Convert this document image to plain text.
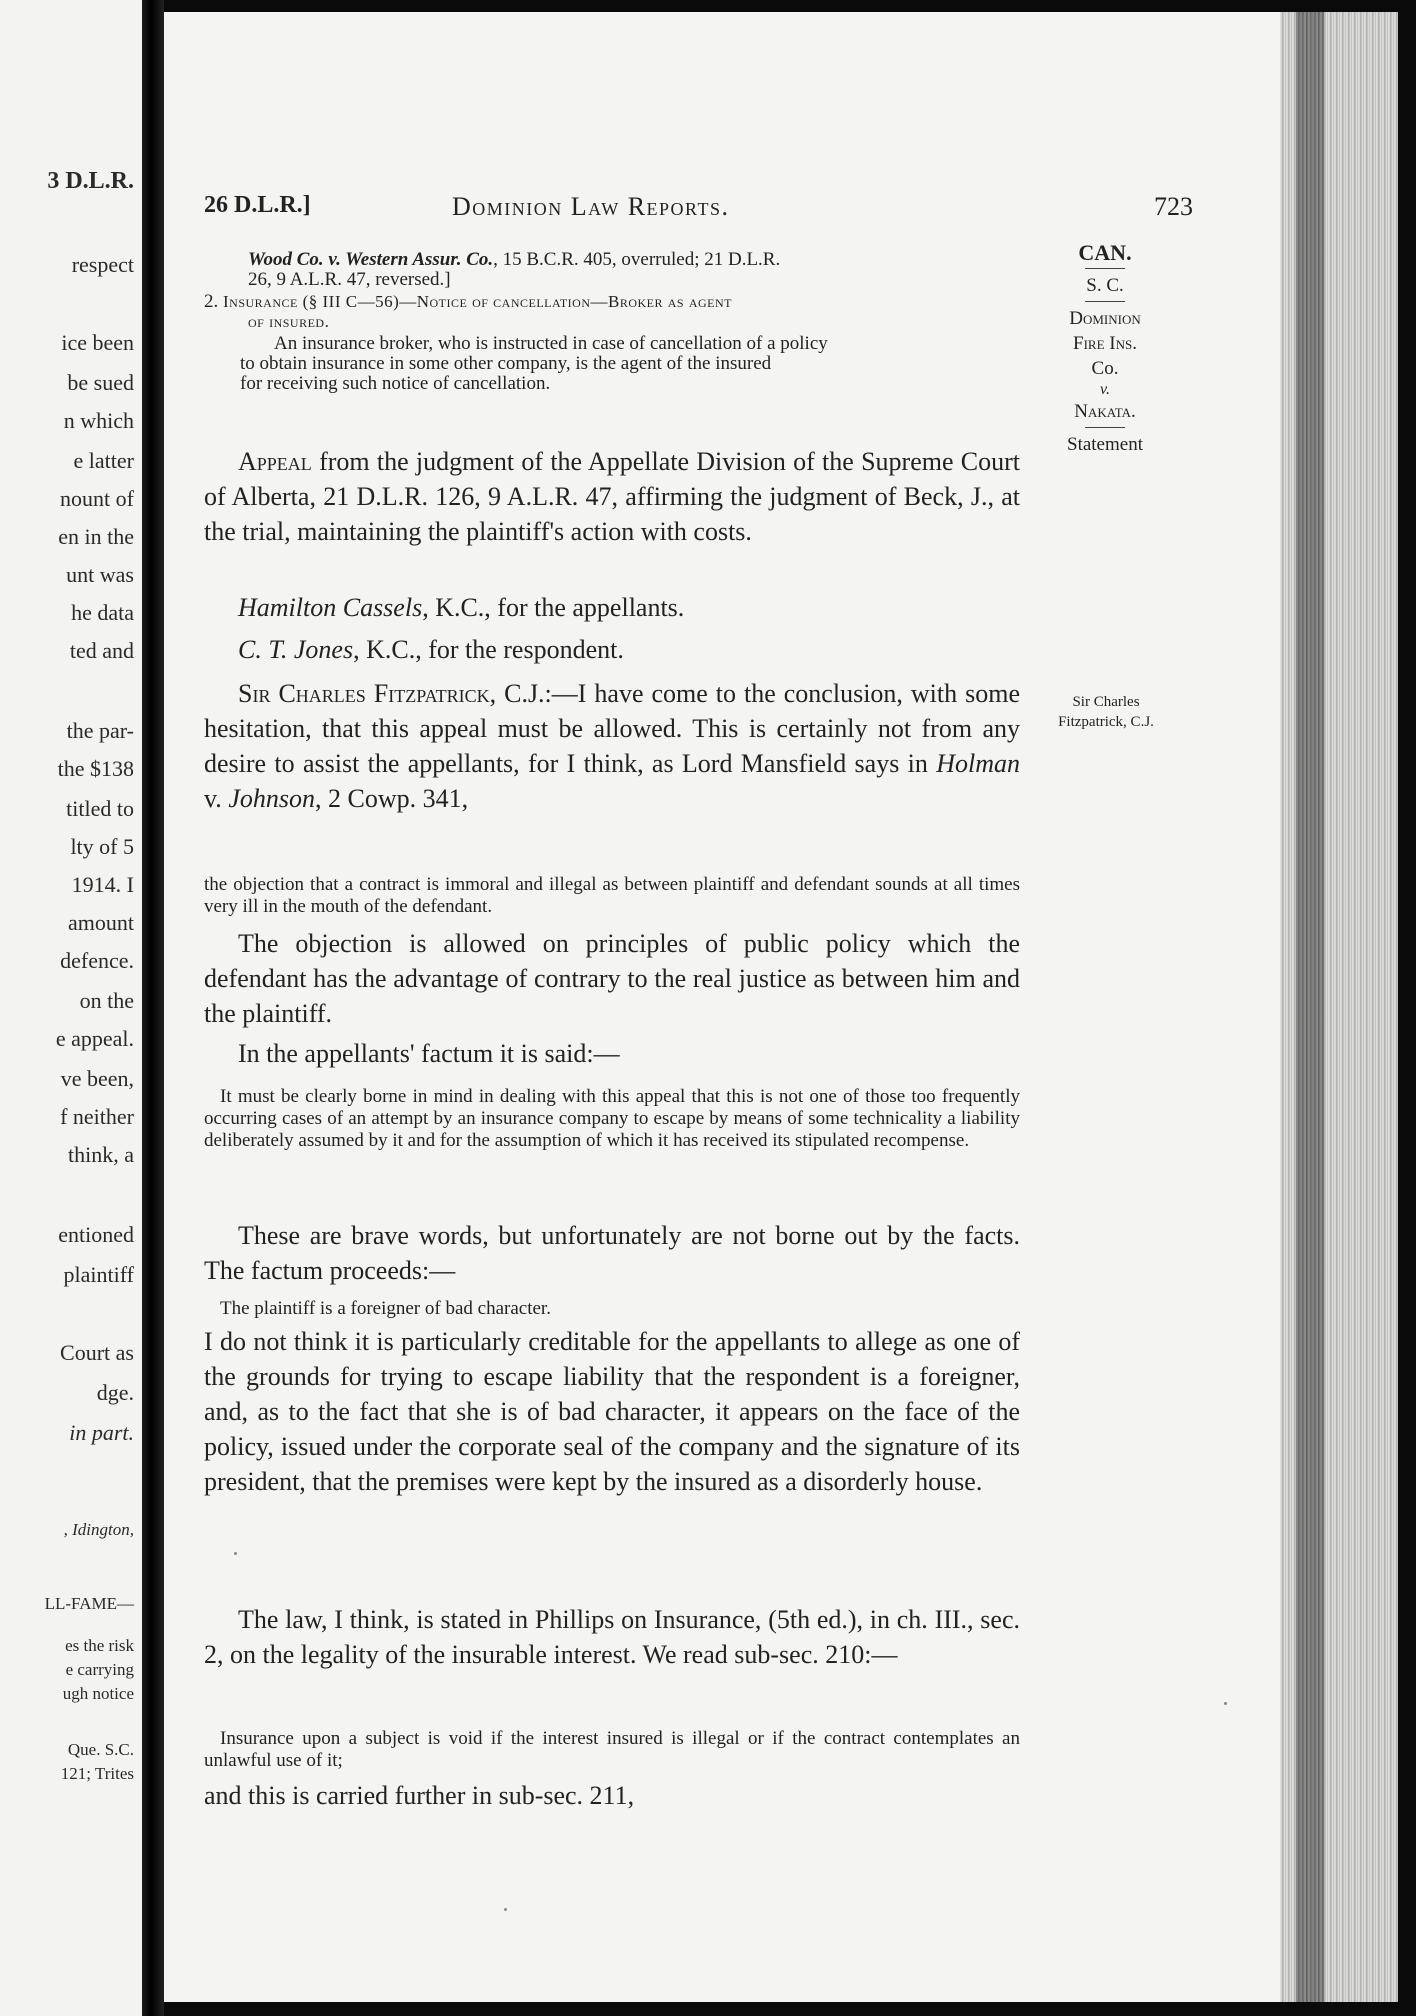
3 D.L.R.
respect
ice been
be sued
n which
e latter
nount of
en in the
unt was
he data
ted and
the par-
the $138
titled to
lty of 5
1914. I
amount
defence.
on the
e appeal.
ve been,
f neither
think, a
entioned
plaintiff
Court as
dge.
in part.
, Idington,
LL-FAME—
es the risk
e carrying
ugh notice
Que. S.C.
121; Trites
26 D.L.R.]	Dominion Law Reports.	723
Wood Co. v. Western Assur. Co., 15 B.C.R. 405, overruled; 21 D.L.R.
26, 9 A.L.R. 47, reversed.]
2. Insurance (§ III C—56)—Notice of cancellation—Broker as agent
of insured.
An insurance broker, who is instructed in case of cancellation of a policy
to obtain insurance in some other company, is the agent of the insured
for receiving such notice of cancellation.
CAN.
S. C.
Dominion
Fire Ins.
Co.
v.
Nakata.
Statement
Sir Charles
Fitzpatrick, C.J.

Appeal from the judgment of the Appellate Division of the Supreme Court of Alberta, 21 D.L.R. 126, 9 A.L.R. 47, affirming the judgment of Beck, J., at the trial, maintaining the plaintiff's action with costs.

Hamilton Cassels, K.C., for the appellants.

C. T. Jones, K.C., for the respondent.

Sir Charles Fitzpatrick, C.J.:—I have come to the conclusion, with some hesitation, that this appeal must be allowed. This is certainly not from any desire to assist the appellants, for I think, as Lord Mansfield says in Holman v. Johnson, 2 Cowp. 341,

the objection that a contract is immoral and illegal as between plaintiff and defendant sounds at all times very ill in the mouth of the defendant.

The objection is allowed on principles of public policy which the defendant has the advantage of contrary to the real justice as between him and the plaintiff.

In the appellants' factum it is said:—

It must be clearly borne in mind in dealing with this appeal that this is not one of those too frequently occurring cases of an attempt by an insurance company to escape by means of some technicality a liability deliberately assumed by it and for the assumption of which it has received its stipulated recompense.

These are brave words, but unfortunately are not borne out by the facts. The factum proceeds:—

The plaintiff is a foreigner of bad character.

I do not think it is particularly creditable for the appellants to allege as one of the grounds for trying to escape liability that the respondent is a foreigner, and, as to the fact that she is of bad character, it appears on the face of the policy, issued under the corporate seal of the company and the signature of its president, that the premises were kept by the insured as a disorderly house.

The law, I think, is stated in Phillips on Insurance, (5th ed.), in ch. III., sec. 2, on the legality of the insurable interest. We read sub-sec. 210:—

Insurance upon a subject is void if the interest insured is illegal or if the contract contemplates an unlawful use of it;

and this is carried further in sub-sec. 211,
